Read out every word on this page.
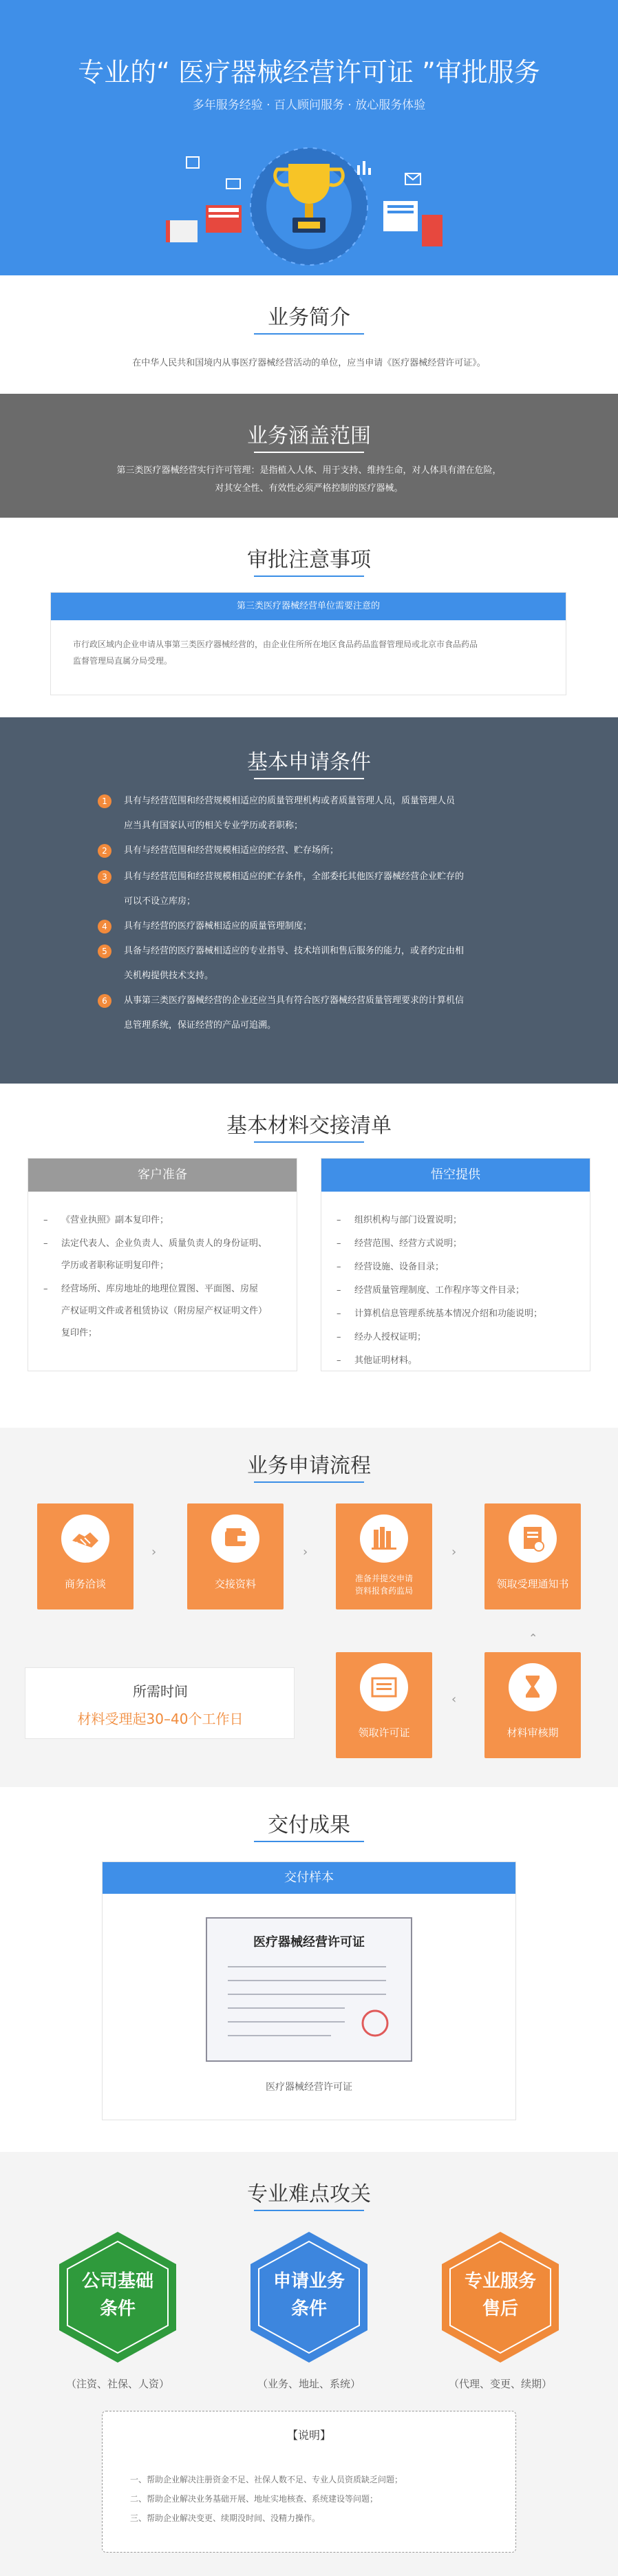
专业的“ 医疗器械经营许可证 ”审批服务
多年服务经验 · 百人顾问服务 · 放心服务体验
业务简介
在中华人民共和国境内从事医疗器械经营活动的单位，应当申请《医疗器械经营许可证》。
业务涵盖范围
第三类医疗器械经营实行许可管理：是指植入人体、用于支持、维持生命，对人体具有潜在危险，
对其安全性、有效性必须严格控制的医疗器械。
审批注意事项
第三类医疗器械经营单位需要注意的
市行政区域内企业申请从事第三类医疗器械经营的，由企业住所所在地区食品药品监督管理局或北京市食品药品
监督管理局直属分局受理。
基本申请条件
1	具有与经营范围和经营规模相适应的质量管理机构或者质量管理人员，质量管理人员
应当具有国家认可的相关专业学历或者职称；
2	具有与经营范围和经营规模相适应的经营、贮存场所；
3	具有与经营范围和经营规模相适应的贮存条件，全部委托其他医疗器械经营企业贮存的
可以不设立库房；
4	具有与经营的医疗器械相适应的质量管理制度；
5	具备与经营的医疗器械相适应的专业指导、技术培训和售后服务的能力，或者约定由相
关机构提供技术支持。
6	从事第三类医疗器械经营的企业还应当具有符合医疗器械经营质量管理要求的计算机信
息管理系统，保证经营的产品可追溯。
基本材料交接清单
客户准备
– 《营业执照》副本复印件；
– 法定代表人、企业负责人、质量负责人的身份证明、
学历或者职称证明复印件；
– 经营场所、库房地址的地理位置图、平面图、房屋
产权证明文件或者租赁协议（附房屋产权证明文件）
复印件；
悟空提供
– 组织机构与部门设置说明；
– 经营范围、经营方式说明；
– 经营设施、设备目录；
– 经营质量管理制度、工作程序等文件目录；
– 计算机信息管理系统基本情况介绍和功能说明；
– 经办人授权证明；
– 其他证明材料。
业务申请流程
商务洽谈
›
交接资料
›
准备并提交申请
资料报食药监局
›
领取受理通知书
所需时间
材料受理起30–40个工作日
领取许可证
‹
材料审核期
⌃
交付成果
交付样本
医疗器械经营许可证
医疗器械经营许可证
专业难点攻关
公司基础
条件
（注资、社保、人资）
申请业务
条件
（业务、地址、系统）
专业服务
售后
（代理、变更、续期）
【说明】
一、帮助企业解决注册资金不足、社保人数不足、专业人员资质缺乏问题；
二、帮助企业解决业务基础开展、地址实地核查、系统建设等问题；
三、帮助企业解决变更、续期没时间、没精力操作。
